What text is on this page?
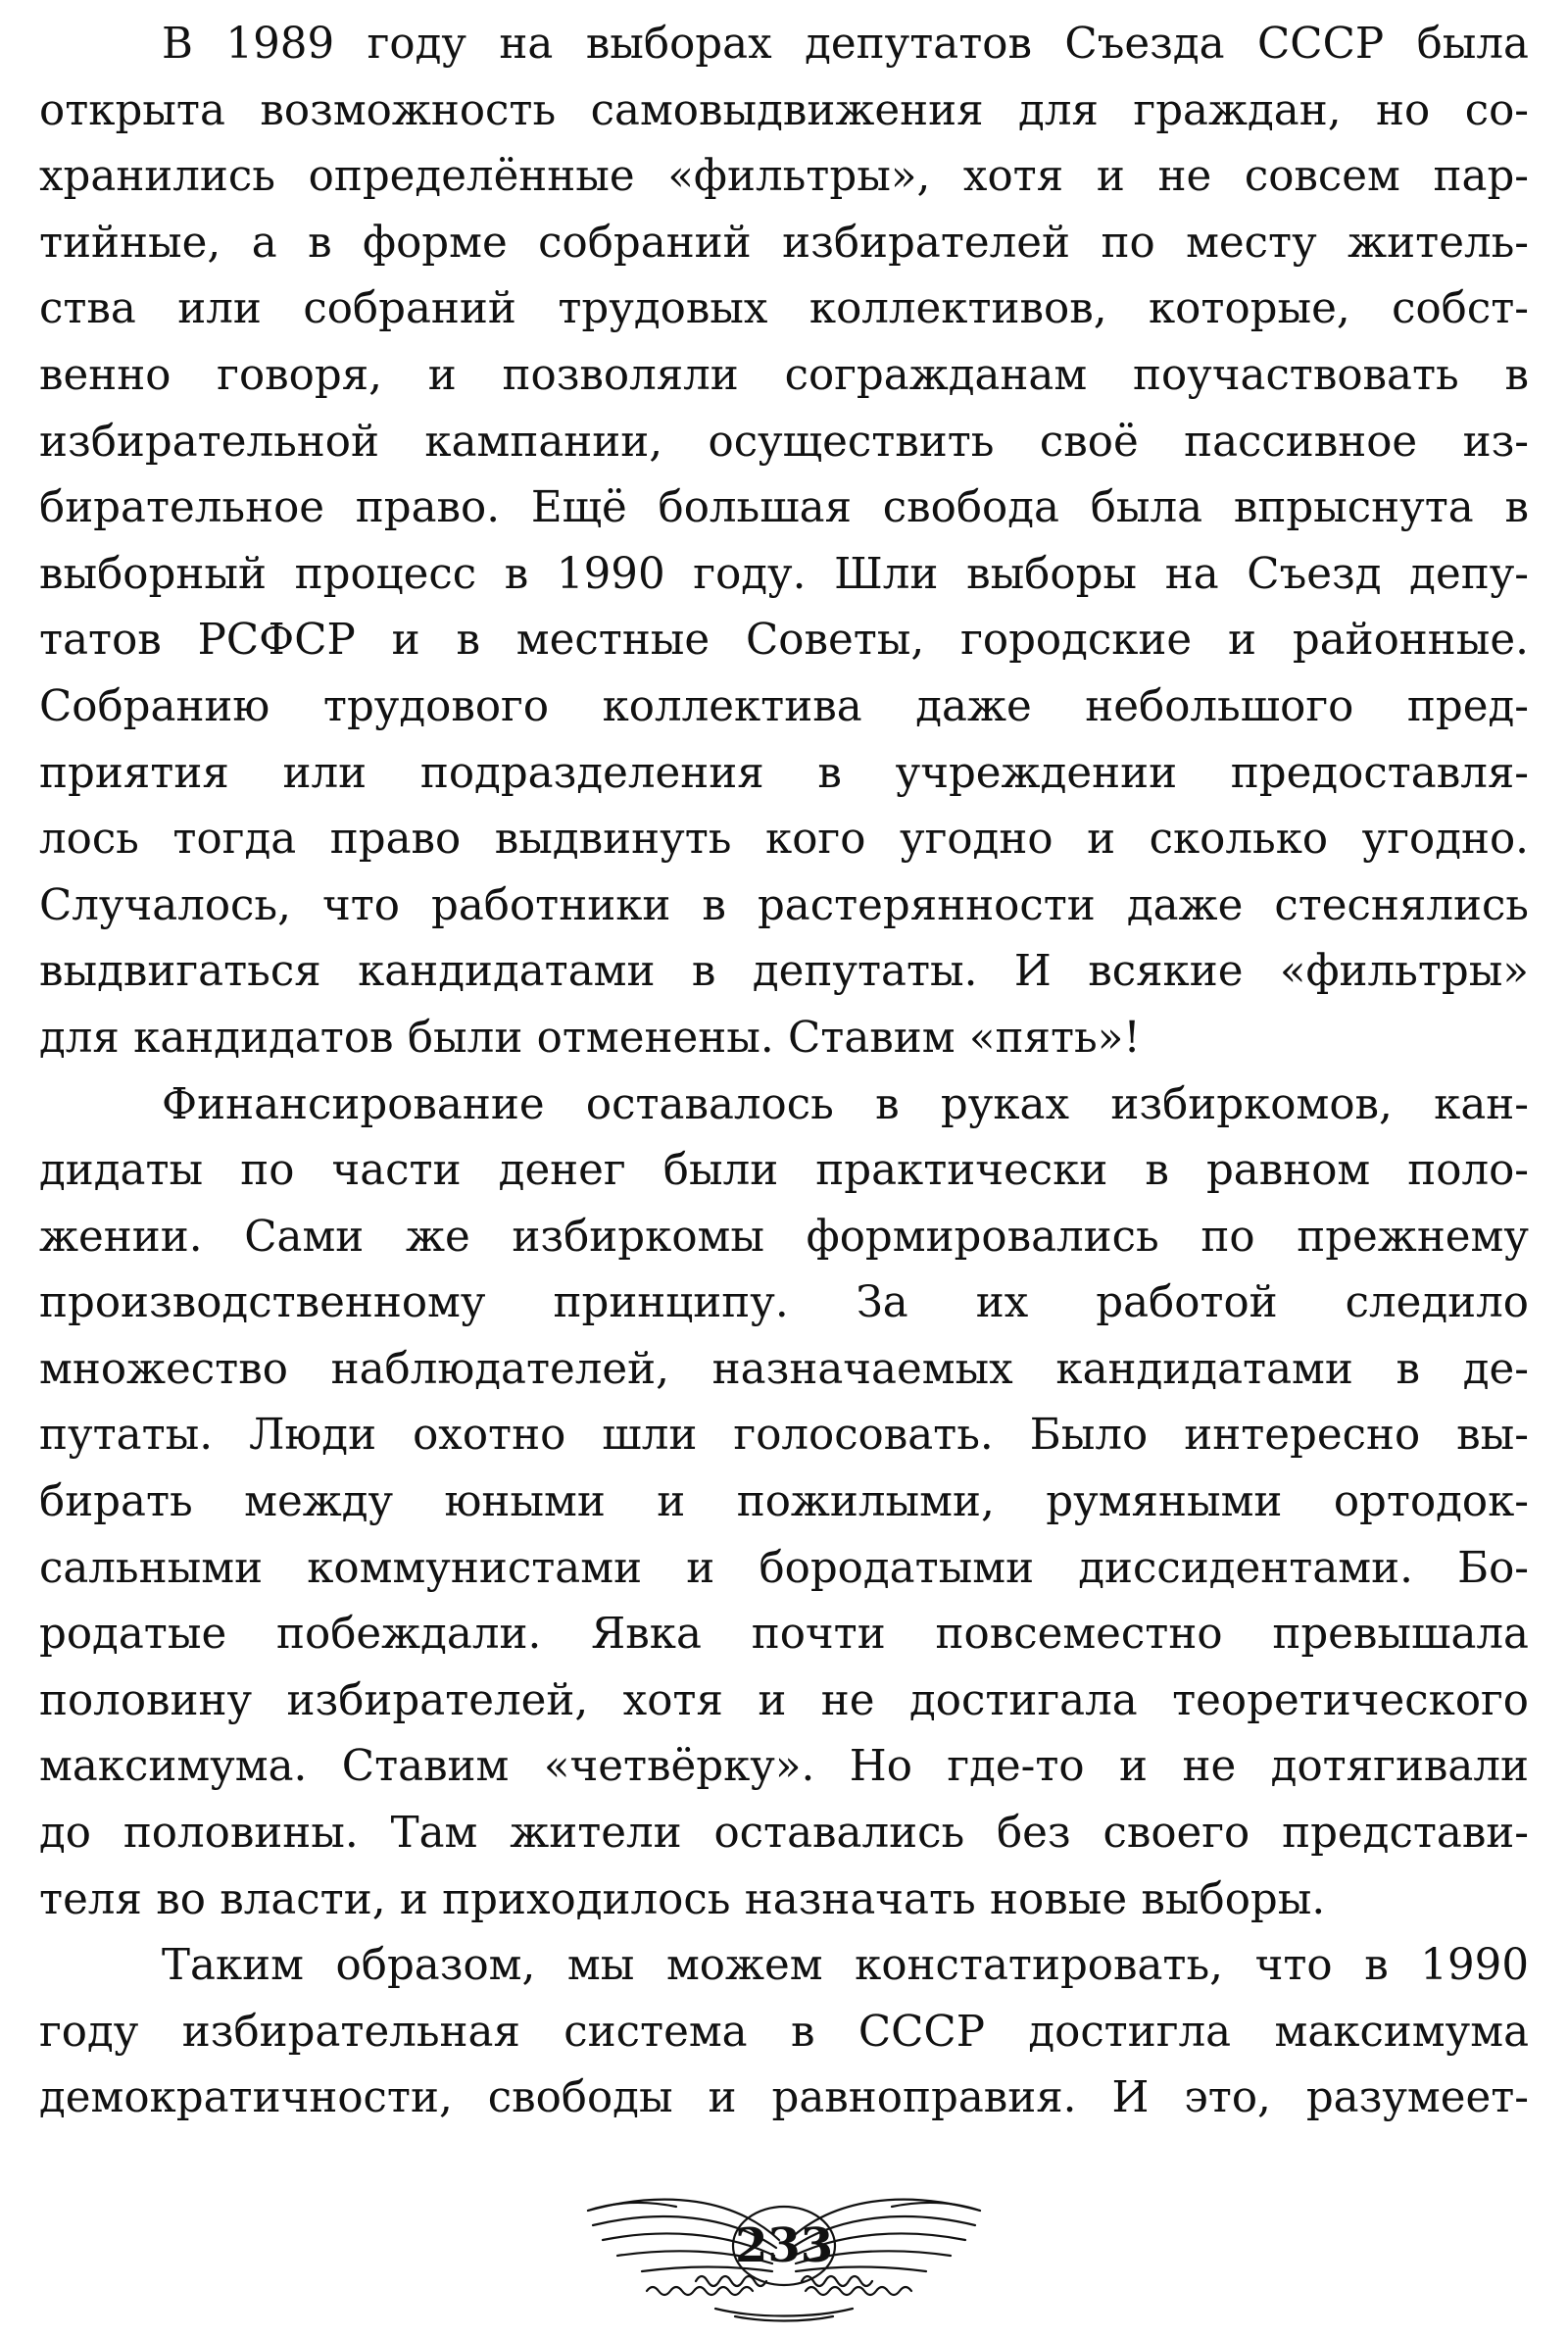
В 1989 году на выборах депутатов Съезда СССР была
открыта возможность самовыдвижения для граждан, но со-
хранились определённые «фильтры», хотя и не совсем пар-
тийные, а в форме собраний избирателей по месту житель-
ства или собраний трудовых коллективов, которые, собст-
венно говоря, и позволяли согражданам поучаствовать в
избирательной кампании, осуществить своё пассивное из-
бирательное право. Ещё большая свобода была впрыснута в
выборный процесс в 1990 году. Шли выборы на Съезд депу-
татов РСФСР и в местные Советы, городские и районные.
Собранию трудового коллектива даже небольшого пред-
приятия или подразделения в учреждении предоставля-
лось тогда право выдвинуть кого угодно и сколько угодно.
Случалось, что работники в растерянности даже стеснялись
выдвигаться кандидатами в депутаты. И всякие «фильтры»
для кандидатов были отменены. Ставим «пять»!
Финансирование оставалось в руках избиркомов, кан-
дидаты по части денег были практически в равном поло-
жении. Сами же избиркомы формировались по прежнему
производственному принципу. За их работой следило
множество наблюдателей, назначаемых кандидатами в де-
путаты. Люди охотно шли голосовать. Было интересно вы-
бирать между юными и пожилыми, румяными ортодок-
сальными коммунистами и бородатыми диссидентами. Бо-
родатые побеждали. Явка почти повсеместно превышала
половину избирателей, хотя и не достигала теоретического
максимума. Ставим «четвёрку». Но где-то и не дотягивали
до половины. Там жители оставались без своего представи-
теля во власти, и приходилось назначать новые выборы.
Таким образом, мы можем констатировать, что в 1990
году избирательная система в СССР достигла максимума
демократичности, свободы и равноправия. И это, разумеет-
233
